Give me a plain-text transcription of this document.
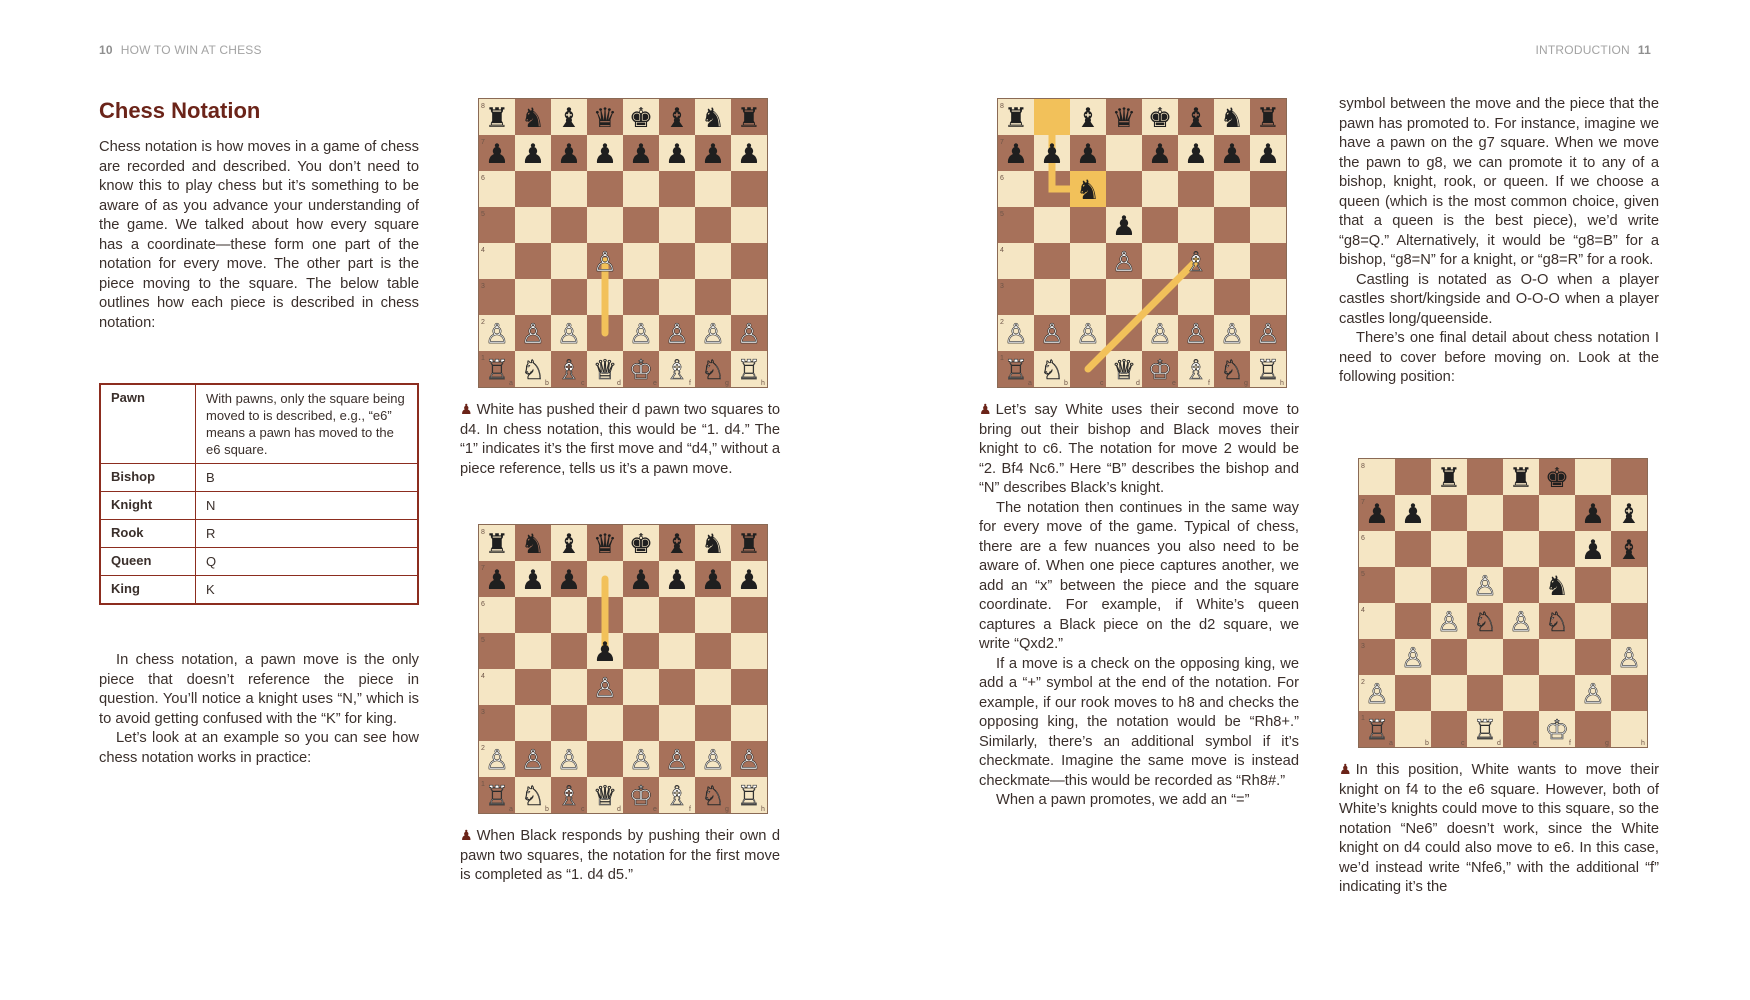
10 HOW TO WIN AT CHESS	INTRODUCTION 11
Chess Notation

Chess notation is how moves in a game of chess are recorded and described. You don’t need to know this to play chess but it’s something to be aware of as you advance your understanding of the game. We talked about how every square has a coordinate—these form one part of the notation for every move. The other part is the piece moving to the square. The below table outlines how each piece is described in chess notation:

Pawn	With pawns, only the square being moved to is described, e.g., “e6” means a pawn has moved to the e6 square.
Bishop	B
Knight	N
Rook	R
Queen	Q
King	K

In chess notation, a pawn move is the only piece that doesn’t reference the piece in question. You’ll notice a knight uses “N,” which is to avoid getting confused with the “K” for king.

Let’s look at an example so you can see how chess notation works in practice:

8
7
6
5
4
3
2
1
a	b	c	d	e	f	g	h
♜ ♞ ♝ ♛ ♚ ♝ ♞ ♜
♟ ♟ ♟ ♟ ♟ ♟ ♟ ♟
♙
♙ ♙ ♙ ♙ ♙ ♙ ♙
♖ ♘ ♗ ♕ ♔ ♗ ♘ ♖
♟ White has pushed their d pawn two squares to d4. In chess notation, this would be “1. d4.” The “1” indicates it’s the first move and “d4,” without a piece reference, tells us it’s a pawn move.
8
7
6
5
4
3
2
1
a	b	c	d	e	f	g	h
♜ ♞ ♝ ♛ ♚ ♝ ♞ ♜
♟ ♟ ♟ ♟ ♟ ♟ ♟
♟
♙
♙ ♙ ♙ ♙ ♙ ♙ ♙
♖ ♘ ♗ ♕ ♔ ♗ ♘ ♖
♟ When Black responds by pushing their own d pawn two squares, the notation for the first move is completed as “1. d4 d5.”
8
7
6
5
4
3
2
1
a	b	c	d	e	f	g	h
♜ ♝ ♛ ♚ ♝ ♞ ♜
♟ ♟ ♟ ♟ ♟ ♟ ♟
♞
♟
♙ ♗
♙ ♙ ♙ ♙ ♙ ♙ ♙
♖ ♘ ♕ ♔ ♗ ♘ ♖

♟ Let’s say White uses their second move to bring out their bishop and Black moves their knight to c6. The notation for move 2 would be “2. Bf4 Nc6.” Here “B” describes the bishop and “N” describes Black’s knight.

The notation then continues in the same way for every move of the game. Typical of chess, there are a few nuances you also need to be aware of. When one piece captures another, we add an “x” between the piece and the square coordinate. For example, if White’s queen captures a Black piece on the d2 square, we write “Qxd2.”

If a move is a check on the opposing king, we add a “+” symbol at the end of the notation. For example, if our rook moves to h8 and checks the opposing king, the notation would be “Rh8+.” Similarly, there’s an additional symbol if it’s checkmate. Imagine the same move is instead checkmate—this would be recorded as “Rh8#.”

When a pawn promotes, we add an “=”

symbol between the move and the piece that the pawn has promoted to. For instance, imagine we have a pawn on the g7 square. When we move the pawn to g8, we can promote it to any of a bishop, knight, rook, or queen. If we choose a queen (which is the most common choice, given that a queen is the best piece), we’d write “g8=Q.” Alternatively, it would be “g8=B” for a bishop, “g8=N” for a knight, or “g8=R” for a rook.

Castling is notated as O-O when a player castles short/kingside and O-O-O when a player castles long/queenside.

There’s one final detail about chess notation I need to cover before moving on. Look at the following position:

8
7
6
5
4
3
2
1
a	b	c	d	e	f	g	h
♜ ♜ ♚
♟ ♟	♟ ♝
♟ ♝
♙ ♞
♙ ♘ ♙ ♘
♙	♙
♙	♙
♖	♖ ♔
♟ In this position, White wants to move their knight on f4 to the e6 square. However, both of White’s knights could move to this square, so the notation “Ne6” doesn’t work, since the White knight on d4 could also move to e6. In this case, we’d instead write “Nfe6,” with the additional “f” indicating it’s the
